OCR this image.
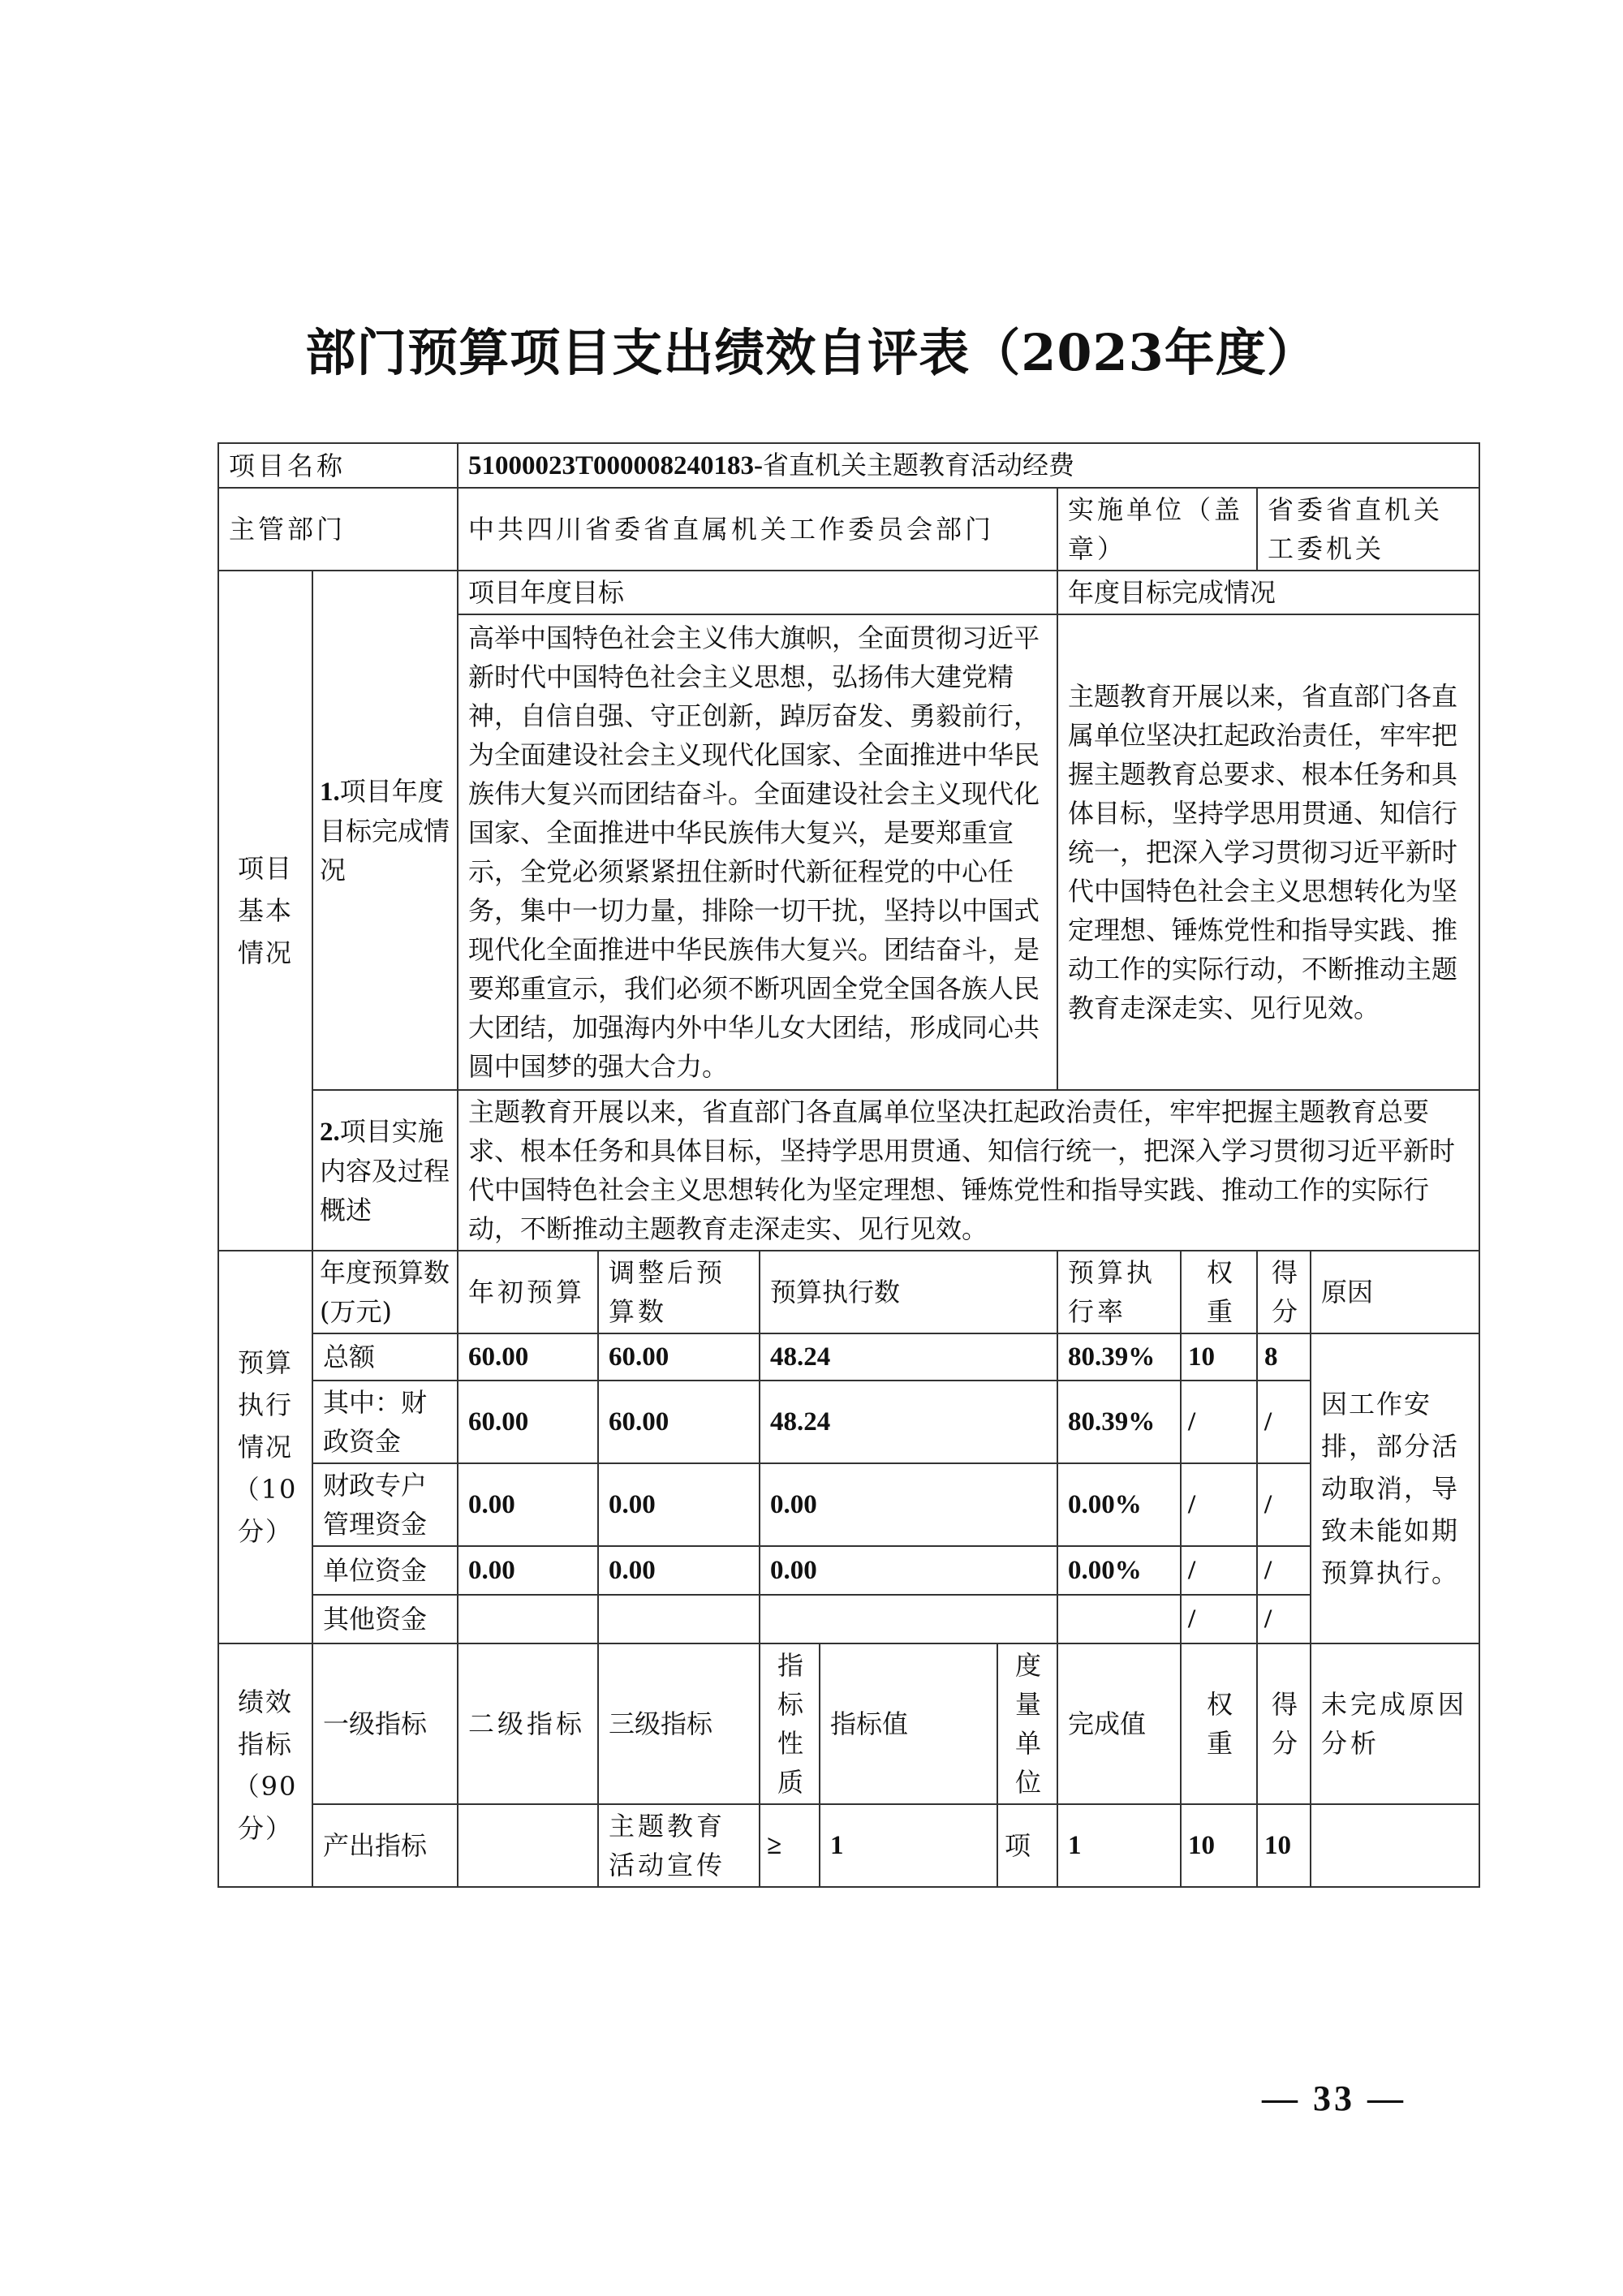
部门预算项目支出绩效自评表（2023年度）
项目名称		51000023T000008240183-省直机关主题教育活动经费								
主管部门		中共四川省委省直属机关工作委员会部门					实施单位（盖章）		省委省直机关工委机关	

项目基本情况	1.项目年度目标完成情况	项目年度目标					年度目标完成情况			
		高举中国特色社会主义伟大旗帜，全面贯彻习近平新时代中国特色社会主义思想，弘扬伟大建党精神，自信自强、守正创新，踔厉奋发、勇毅前行，为全面建设社会主义现代化国家、全面推进中华民族伟大复兴而团结奋斗。全面建设社会主义现代化国家、全面推进中华民族伟大复兴，是要郑重宣示，全党必须紧紧扭住新时代新征程党的中心任务，集中一切力量，排除一切干扰，坚持以中国式现代化全面推进中华民族伟大复兴。团结奋斗，是要郑重宣示，我们必须不断巩固全党全国各族人民大团结，加强海内外中华儿女大团结，形成同心共圆中国梦的强大合力。					主题教育开展以来，省直部门各直属单位坚决扛起政治责任，牢牢把握主题教育总要求、根本任务和具体目标，坚持学思用贯通、知信行统一，把深入学习贯彻习近平新时代中国特色社会主义思想转化为坚定理想、锤炼党性和指导实践、推动工作的实际行动，不断推动主题教育走深走实、见行见效。			
	2.项目实施内容及过程概述	主题教育开展以来，省直部门各直属单位坚决扛起政治责任，牢牢把握主题教育总要求、根本任务和具体目标，坚持学思用贯通、知信行统一，把深入学习贯彻习近平新时代中国特色社会主义思想转化为坚定理想、锤炼党性和指导实践、推动工作的实际行动，不断推动主题教育走深走实、见行见效。								

预算执行情况（10分）	年度预算数(万元)	年初预算	调整后预算数	预算执行数			预算执行率	权重	得分	原因
	总额	60.00	60.00	48.24			80.39%	10	8	因工作安排，部分活动取消，导致未能如期预算执行。
	其中：财政资金	60.00	60.00	48.24			80.39%	/	/	
	财政专户管理资金	0.00	0.00	0.00			0.00%	/	/	
	单位资金	0.00	0.00	0.00			0.00%	/	/	
	其他资金							/	/	

绩效指标（90分）	一级指标	二级指标	三级指标	指标性质	指标值	度量单位	完成值	权重	得分	未完成原因分析
	产出指标		主题教育活动宣传	≥	1	项	1	10	10	
— 33 —
